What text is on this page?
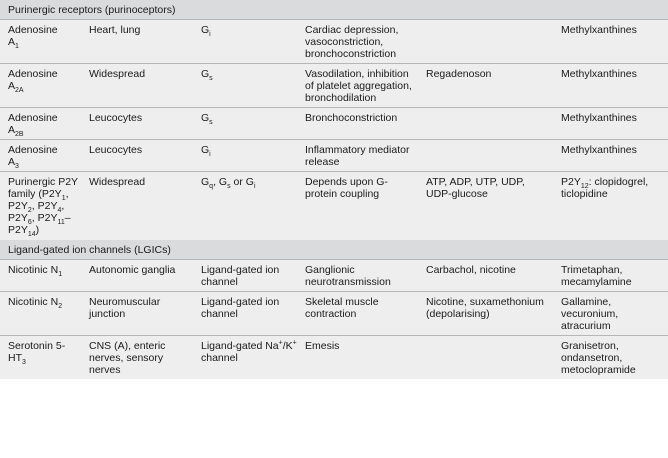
Purinergic receptors (purinoceptors)					
Adenosine
$A_1$	Heart, lung	$G_i$	Cardiac depression, vasoconstriction, bronchoconstriction		Methylxanthines
Adenosine
$A_{2A}$	Widespread	$G_s$	Vasodilation, inhibition of platelet aggregation, bronchodilation	Regadenoson	Methylxanthines
Adenosine
$A_{2B}$	Leucocytes	$G_s$	Bronchoconstriction		Methylxanthines
Adenosine
$A_3$	Leucocytes	$G_i$	Inflammatory mediator release		Methylxanthines
Purinergic P2Y family ($P2Y_1$, $P2Y_2$, $P2Y_4$, $P2Y_6$, $P2Y_{11}-$ $P2Y_{14}$)	Widespread	$G_q$, $G_s$ or $G_i$	Depends upon G-protein coupling	ATP, ADP, UTP, UDP, UDP-glucose	$P2Y_{12}$: clopidogrel, ticlopidine
Ligand-gated ion channels (LGICs)					
Nicotinic $N_1$	Autonomic ganglia	Ligand-gated ion channel	Ganglionic neurotransmission	Carbachol, nicotine	Trimetaphan, mecamylamine
Nicotinic $N_2$	Neuromuscular junction	Ligand-gated ion channel	Skeletal muscle contraction	Nicotine, suxamethonium (depolarising)	Gallamine, vecuronium, atracurium
Serotonin $5-HT_3$	CNS (A), enteric nerves, sensory nerves	Ligand-gated Na+/K+ channel	Emesis		Granisetron, ondansetron, metoclopramide
